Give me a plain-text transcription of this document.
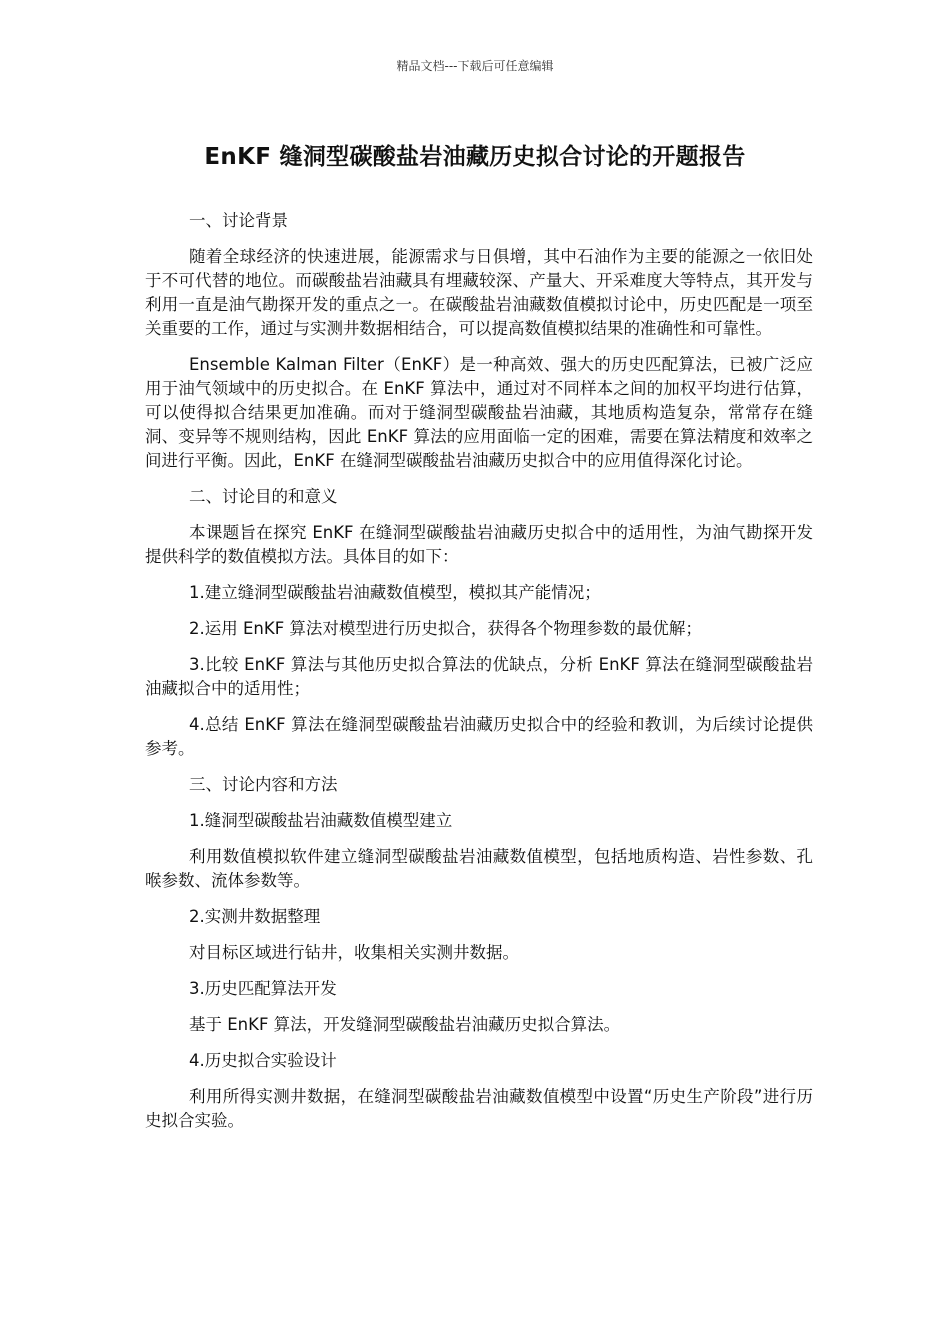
精品文档---下载后可任意编辑
EnKF 缝洞型碳酸盐岩油藏历史拟合讨论的开题报告

一、讨论背景

随着全球经济的快速进展，能源需求与日俱增，其中石油作为主要的能源之一依旧处于不可代替的地位。而碳酸盐岩油藏具有埋藏较深、产量大、开采难度大等特点，其开发与利用一直是油气勘探开发的重点之一。在碳酸盐岩油藏数值模拟讨论中，历史匹配是一项至关重要的工作，通过与实测井数据相结合，可以提高数值模拟结果的准确性和可靠性。

Ensemble Kalman Filter（EnKF）是一种高效、强大的历史匹配算法，已被广泛应用于油气领域中的历史拟合。在 EnKF 算法中，通过对不同样本之间的加权平均进行估算，可以使得拟合结果更加准确。而对于缝洞型碳酸盐岩油藏，其地质构造复杂，常常存在缝洞、变异等不规则结构，因此 EnKF 算法的应用面临一定的困难，需要在算法精度和效率之间进行平衡。因此，EnKF 在缝洞型碳酸盐岩油藏历史拟合中的应用值得深化讨论。

二、讨论目的和意义

本课题旨在探究 EnKF 在缝洞型碳酸盐岩油藏历史拟合中的适用性，为油气勘探开发提供科学的数值模拟方法。具体目的如下：

1.建立缝洞型碳酸盐岩油藏数值模型，模拟其产能情况；

2.运用 EnKF 算法对模型进行历史拟合，获得各个物理参数的最优解；

3.比较 EnKF 算法与其他历史拟合算法的优缺点，分析 EnKF 算法在缝洞型碳酸盐岩油藏拟合中的适用性；

4.总结 EnKF 算法在缝洞型碳酸盐岩油藏历史拟合中的经验和教训，为后续讨论提供参考。

三、讨论内容和方法

1.缝洞型碳酸盐岩油藏数值模型建立

利用数值模拟软件建立缝洞型碳酸盐岩油藏数值模型，包括地质构造、岩性参数、孔喉参数、流体参数等。

2.实测井数据整理

对目标区域进行钻井，收集相关实测井数据。

3.历史匹配算法开发

基于 EnKF 算法，开发缝洞型碳酸盐岩油藏历史拟合算法。

4.历史拟合实验设计

利用所得实测井数据，在缝洞型碳酸盐岩油藏数值模型中设置“历史生产阶段”进行历史拟合实验。
